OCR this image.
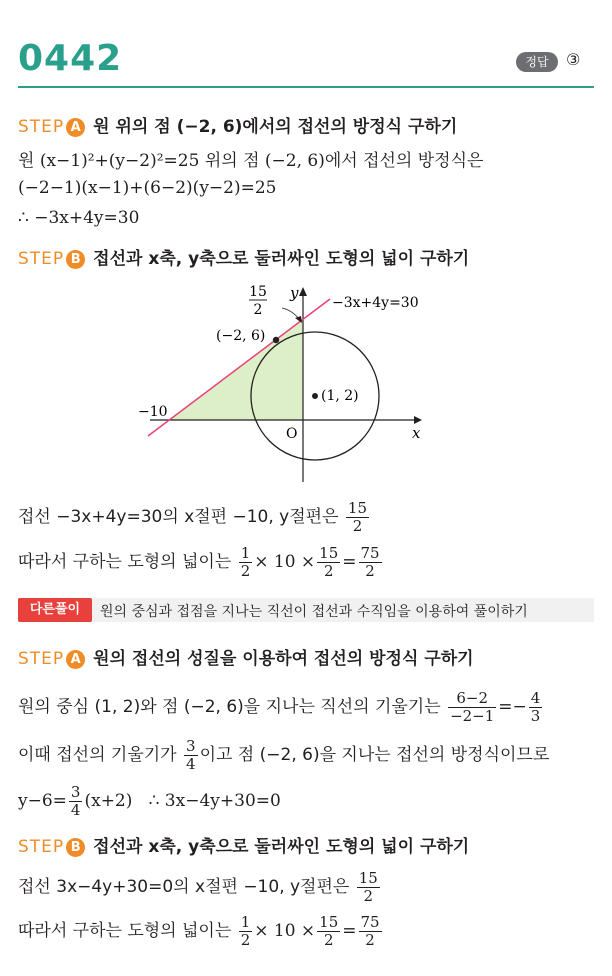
0442	정답	③
STEP A 원 위의 점 (−2, 6)에서의 접선의 방정식 구하기
원 (x−1)²+(y−2)²=25 위의 점 (−2, 6)에서 접선의 방정식은
(−2−1)(x−1)+(6−2)(y−2)=25
∴ −3x+4y=30
STEP B 접선과 x축, y축으로 둘러싸인 도형의 넓이 구하기
15
2
y
x
−3x+4y=30
(−2, 6)
(1, 2)
−10
O
접선 −3x+4y=30의 x절편 −10, y절편은 $\frac{15}{2}$
따라서 구하는 도형의 넓이는 $\frac{1}{2} \times 10 \times \frac{15}{2} = \frac{75}{2}$
다른풀이	원의 중심과 접점을 지나는 직선이 접선과 수직임을 이용하여 풀이하기
STEP A 원의 접선의 성질을 이용하여 접선의 방정식 구하기
원의 중심 (1, 2)와 점 (−2, 6)을 지나는 직선의 기울기는 $\frac{6-2}{-2-1} =- \frac{4}{3}$
이때 접선의 기울기가 $\frac{3}{4}$ 이고 점 (−2, 6)을 지나는 접선의 방정식이므로
$y-6= \frac{3}{4} (x+2)$   ∴ 3x−4y+30=0
STEP B 접선과 x축, y축으로 둘러싸인 도형의 넓이 구하기
접선 3x−4y+30=0의 x절편 −10, y절편은 $\frac{15}{2}$
따라서 구하는 도형의 넓이는 $\frac{1}{2} \times 10 \times \frac{15}{2} = \frac{75}{2}$
